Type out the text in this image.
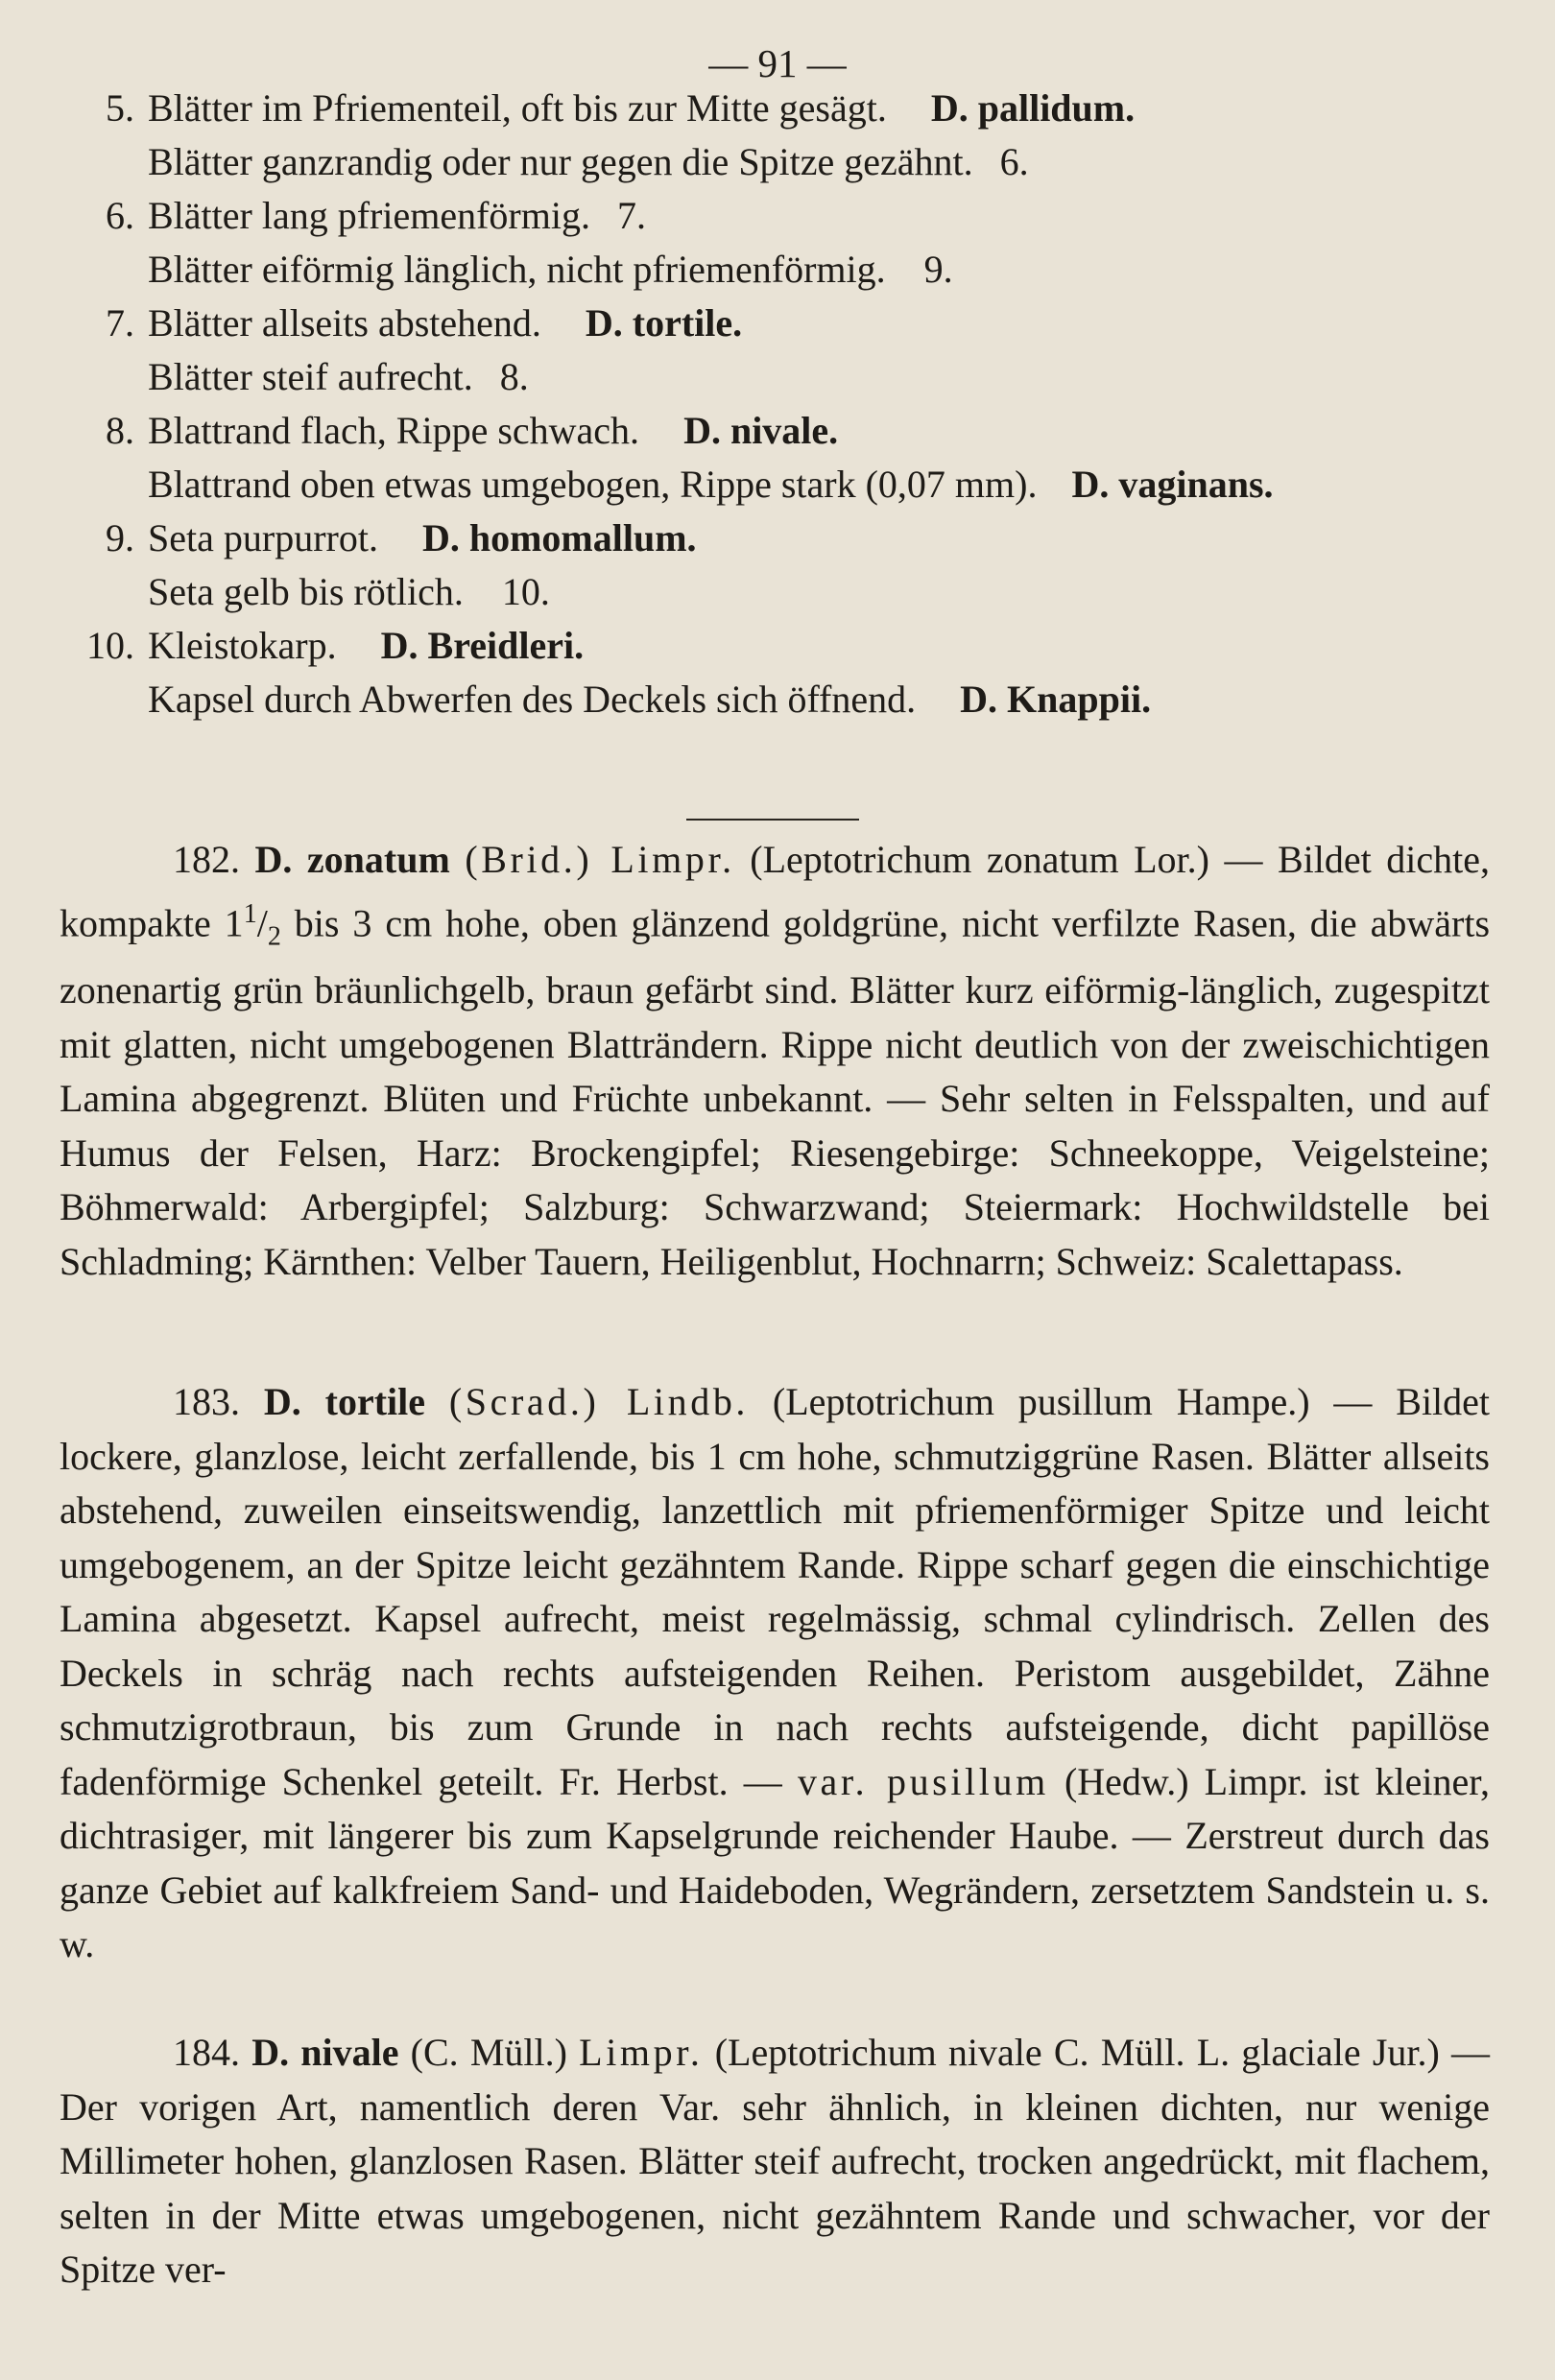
— 91 —
5. Blätter im Pfriementeil, oft bis zur Mitte gesägt. D. pallidum.
Blätter ganzrandig oder nur gegen die Spitze gezähnt. 6.
6. Blätter lang pfriemenförmig. 7.
Blätter eiförmig länglich, nicht pfriemenförmig. 9.
7. Blätter allseits abstehend. D. tortile.
Blätter steif aufrecht. 8.
8. Blattrand flach, Rippe schwach. D. nivale.
Blattrand oben etwas umgebogen, Rippe stark (0,07 mm). D. vaginans.
9. Seta purpurrot. D. homomallum.
Seta gelb bis rötlich. 10.
10. Kleistokarp. D. Breidleri.
Kapsel durch Abwerfen des Deckels sich öffnend. D. Knappii.

182. D. zonatum (Brid.) Limpr. (Leptotrichum zonatum Lor.) — Bildet dichte, kompakte $1^1/_2$ bis 3 cm hohe, oben glänzend goldgrüne, nicht verfilzte Rasen, die abwärts zonenartig grün bräunlichgelb, braun gefärbt sind. Blätter kurz eiförmig-länglich, zugespitzt mit glatten, nicht umgebogenen Blatträndern. Rippe nicht deutlich von der zweischichtigen Lamina abgegrenzt. Blüten und Früchte unbekannt. — Sehr selten in Felsspalten, und auf Humus der Felsen, Harz: Brockengipfel; Riesengebirge: Schneekoppe, Veigelsteine; Böhmerwald: Arbergipfel; Salzburg: Schwarzwand; Steiermark: Hochwildstelle bei Schladming; Kärnthen: Velber Tauern, Heiligenblut, Hochnarrn; Schweiz: Scalettapass.

183. D. tortile (Scrad.) Lindb. (Leptotrichum pusillum Hampe.) — Bildet lockere, glanzlose, leicht zerfallende, bis 1 cm hohe, schmutziggrüne Rasen. Blätter allseits abstehend, zuweilen einseitswendig, lanzettlich mit pfriemenförmiger Spitze und leicht umgebogenem, an der Spitze leicht gezähntem Rande. Rippe scharf gegen die einschichtige Lamina abgesetzt. Kapsel aufrecht, meist regelmässig, schmal cylindrisch. Zellen des Deckels in schräg nach rechts aufsteigenden Reihen. Peristom ausgebildet, Zähne schmutzigrotbraun, bis zum Grunde in nach rechts aufsteigende, dicht papillöse fadenförmige Schenkel geteilt. Fr. Herbst. — var. pusillum (Hedw.) Limpr. ist kleiner, dichtrasiger, mit längerer bis zum Kapselgrunde reichender Haube. — Zerstreut durch das ganze Gebiet auf kalkfreiem Sand- und Haideboden, Wegrändern, zersetztem Sandstein u. s. w.

184. D. nivale (C. Müll.) Limpr. (Leptotrichum nivale C. Müll. L. glaciale Jur.) — Der vorigen Art, namentlich deren Var. sehr ähnlich, in kleinen dichten, nur wenige Millimeter hohen, glanzlosen Rasen. Blätter steif aufrecht, trocken angedrückt, mit flachem, selten in der Mitte etwas umgebogenen, nicht gezähntem Rande und schwacher, vor der Spitze ver-
